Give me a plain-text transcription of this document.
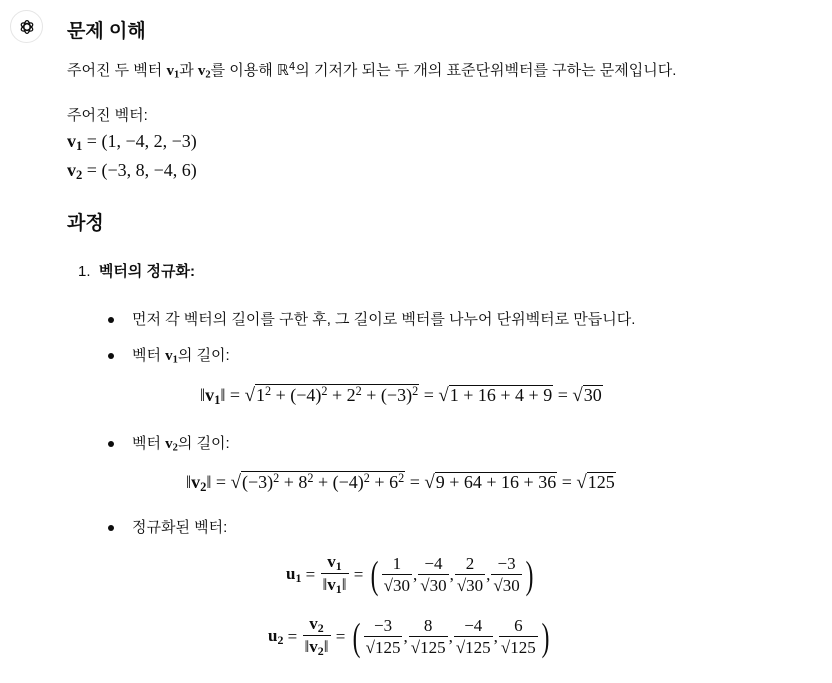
문제 이해
주어진 두 벡터 $v_1$과 $v_2$를 이용해 ℝ$^4$의 기저가 되는 두 개의 표준단위벡터를 구하는 문제입니다.
주어진 벡터:
$v_1 = (1$, −4, 2, −3)
$v_2 = (-3$, 8, −4, 6)
과정
1. 벡터의 정규화:
먼저 각 벡터의 길이를 구한 후, 그 길이로 벡터를 나누어 단위벡터로 만듭니다.
벡터 $v_1$의 길이:
$‖v_1‖ = √1^2 + (-4)^2 + 2^2 + (-3)^2 = √1 + 16 + 4 + 9 = √30$
벡터 $v_2$의 길이:
$‖v_2‖ = √(-3)^2 + 8^2 + (-4)^2 + 6^2 = √9 + 64 + 16 + 36 = √125$
정규화된 벡터:
$u_1 = \frac{v_1}{‖v_1‖}$ = ( $\frac{1}{√30}$ , $\frac{-4}{√30}$ , $\frac{2}{√30}$ , $\frac{-3}{√30}$ )
$u_2 = \frac{v_2}{‖v_2‖}$ = ( $\frac{-3}{√125}$ , $\frac{8}{√125}$ , $\frac{-4}{√125}$ , $\frac{6}{√125}$ )
